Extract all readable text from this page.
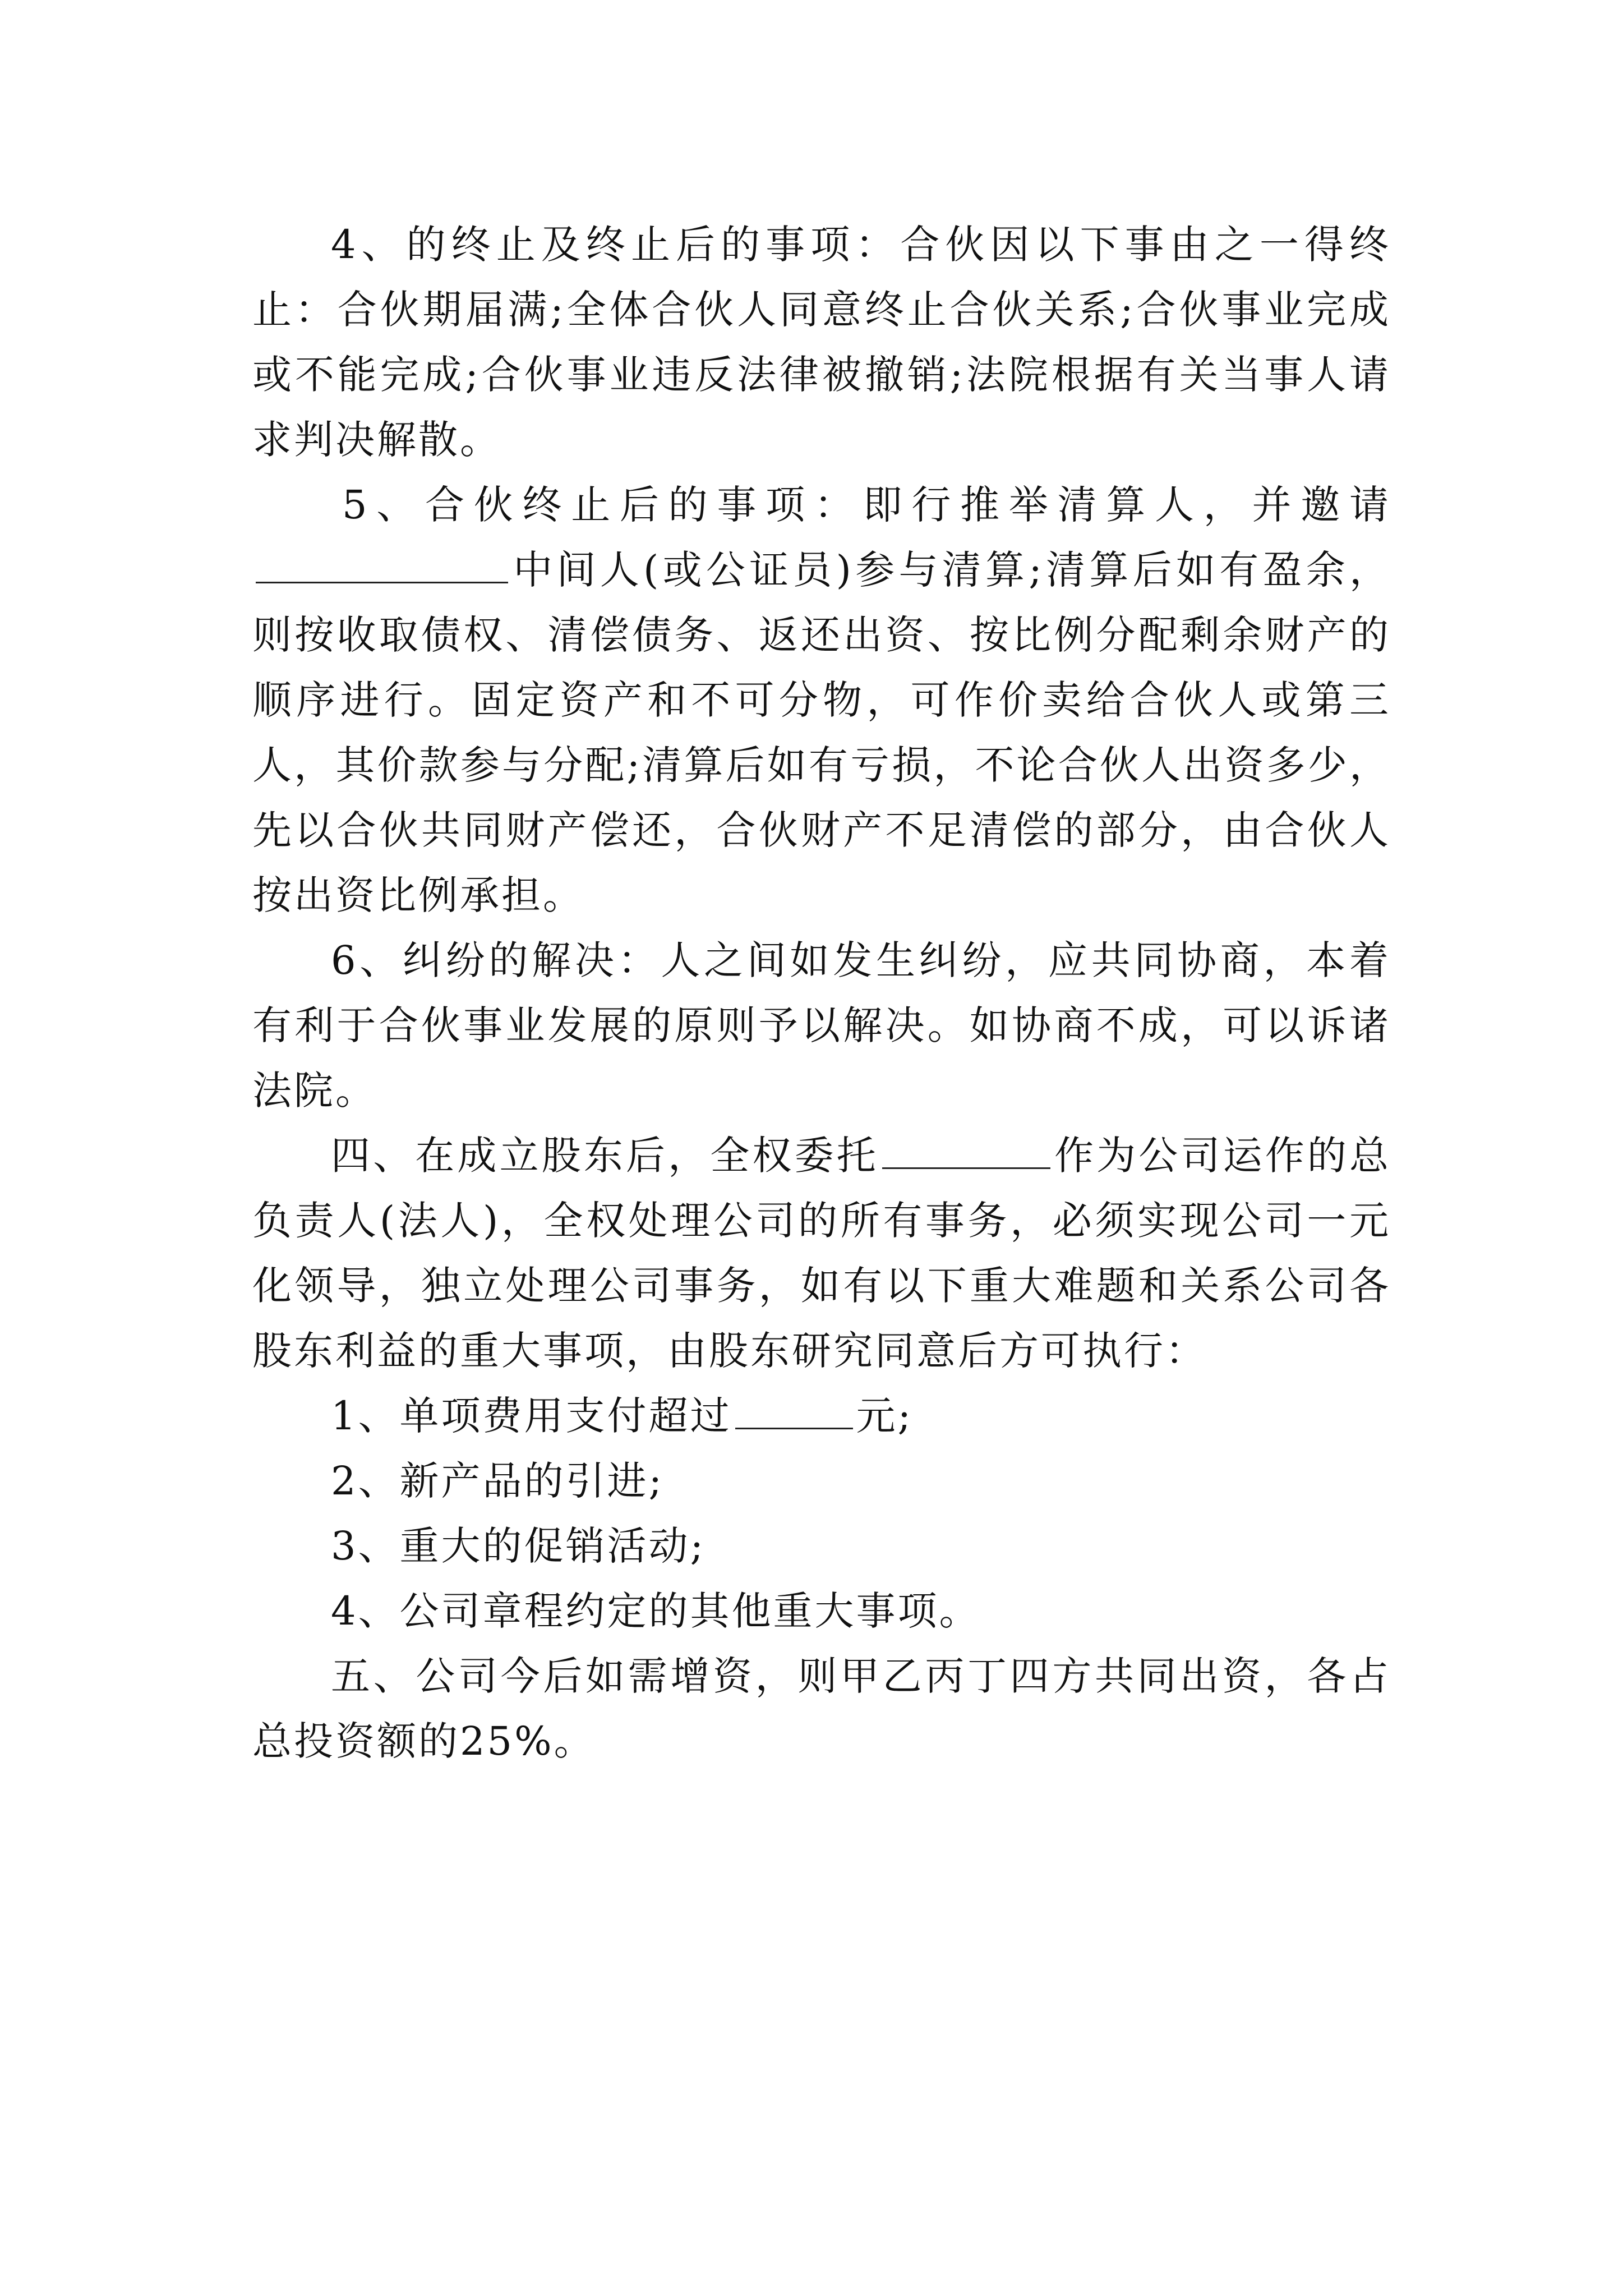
4、的终止及终止后的事项：合伙因以下事由之一得终止：合伙期届满;全体合伙人同意终止合伙关系;合伙事业完成或不能完成;合伙事业违反法律被撤销;法院根据有关当事人请求判决解散。

5、合伙终止后的事项：即行推举清算人，并邀请中间人(或公证员)参与清算;清算后如有盈余，则按收取债权、清偿债务、返还出资、按比例分配剩余财产的顺序进行。固定资产和不可分物，可作价卖给合伙人或第三人，其价款参与分配;清算后如有亏损，不论合伙人出资多少，先以合伙共同财产偿还，合伙财产不足清偿的部分，由合伙人按出资比例承担。

6、纠纷的解决：人之间如发生纠纷，应共同协商，本着有利于合伙事业发展的原则予以解决。如协商不成，可以诉诸法院。

四、在成立股东后，全权委托	作为公司运作的总负责人(法人)，全权处理公司的所有事务，必须实现公司一元化领导，独立处理公司事务，如有以下重大难题和关系公司各股东利益的重大事项，由股东研究同意后方可执行：

1、单项费用支付超过	元;

2、新产品的引进;

3、重大的促销活动;

4、公司章程约定的其他重大事项。

五、公司今后如需增资，则甲乙丙丁四方共同出资，各占总投资额的25%。
